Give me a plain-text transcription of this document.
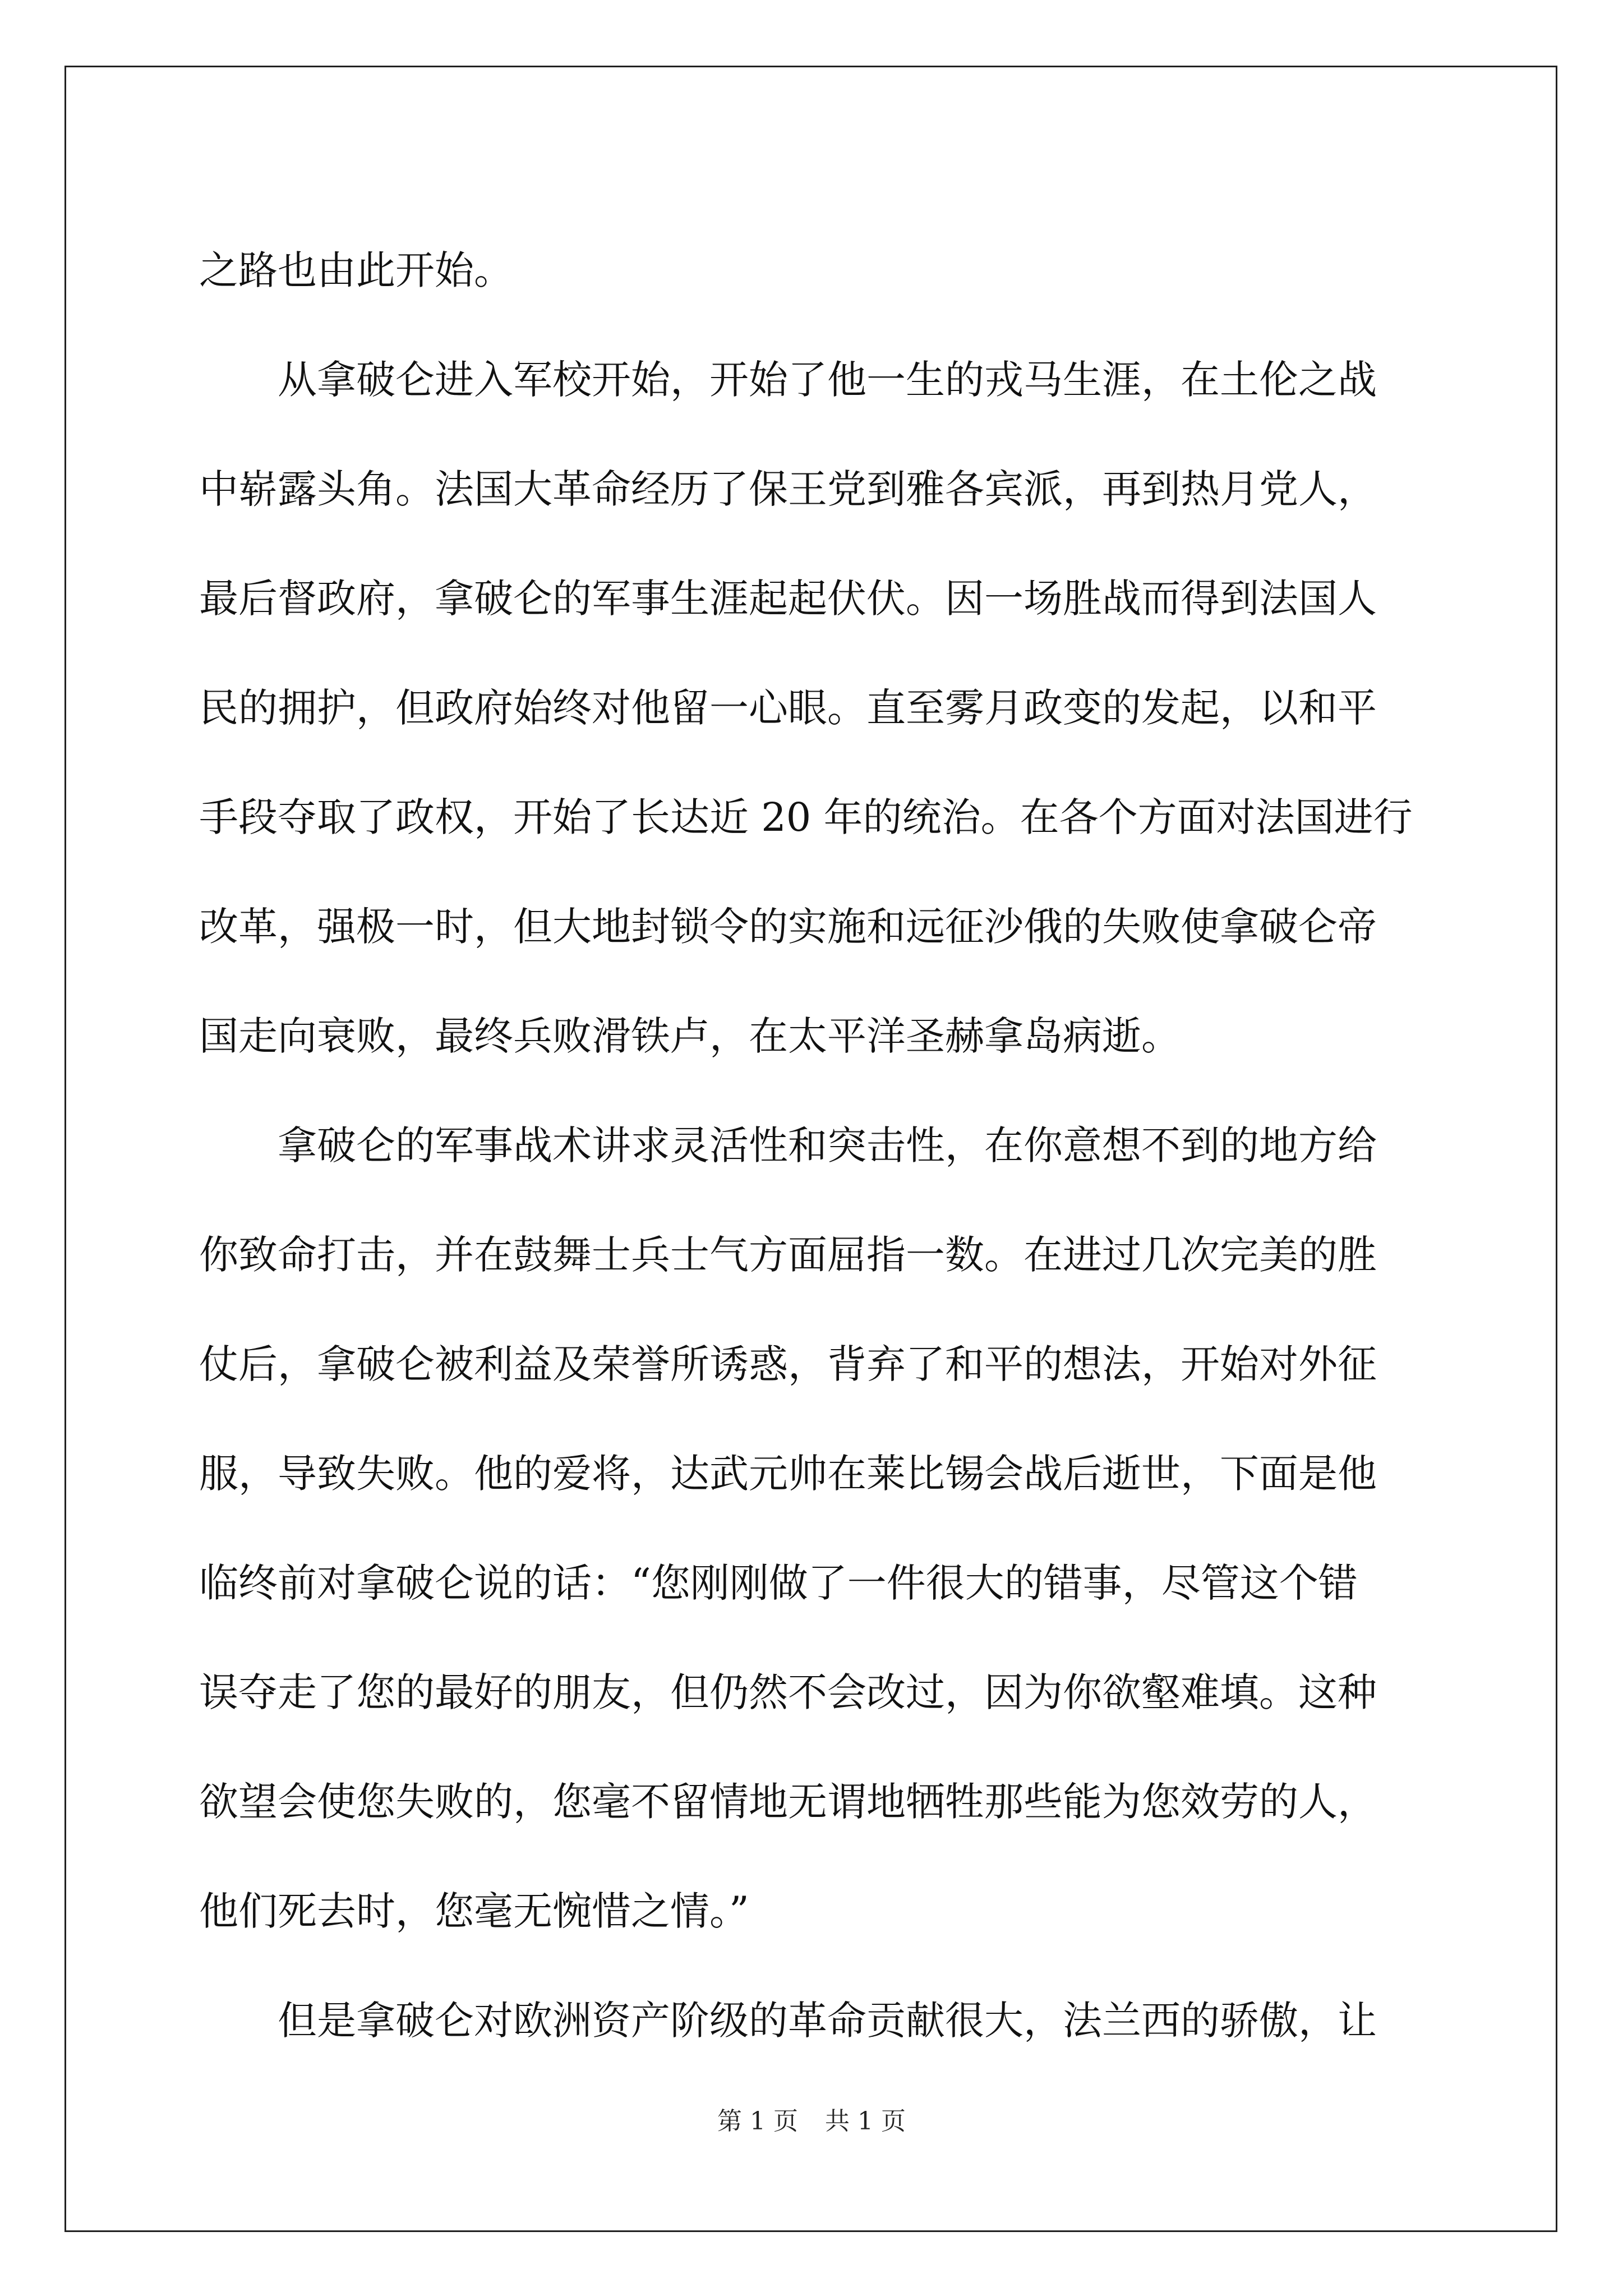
之路也由此开始。
　　从拿破仑进入军校开始，开始了他一生的戎马生涯，在土伦之战
中崭露头角。法国大革命经历了保王党到雅各宾派，再到热月党人，
最后督政府，拿破仑的军事生涯起起伏伏。因一场胜战而得到法国人
民的拥护，但政府始终对他留一心眼。直至雾月政变的发起，以和平
手段夺取了政权，开始了长达近 20 年的统治。在各个方面对法国进行
改革，强极一时，但大地封锁令的实施和远征沙俄的失败使拿破仑帝
国走向衰败，最终兵败滑铁卢，在太平洋圣赫拿岛病逝。
　　拿破仑的军事战术讲求灵活性和突击性，在你意想不到的地方给
你致命打击，并在鼓舞士兵士气方面屈指一数。在进过几次完美的胜
仗后，拿破仑被利益及荣誉所诱惑，背弃了和平的想法，开始对外征
服，导致失败。他的爱将，达武元帅在莱比锡会战后逝世，下面是他
临终前对拿破仑说的话：“您刚刚做了一件很大的错事，尽管这个错
误夺走了您的最好的朋友，但仍然不会改过，因为你欲壑难填。这种
欲望会使您失败的，您毫不留情地无谓地牺牲那些能为您效劳的人，
他们死去时，您毫无惋惜之情。”
　　但是拿破仑对欧洲资产阶级的革命贡献很大，法兰西的骄傲，让
第 1 页 共 1 页
